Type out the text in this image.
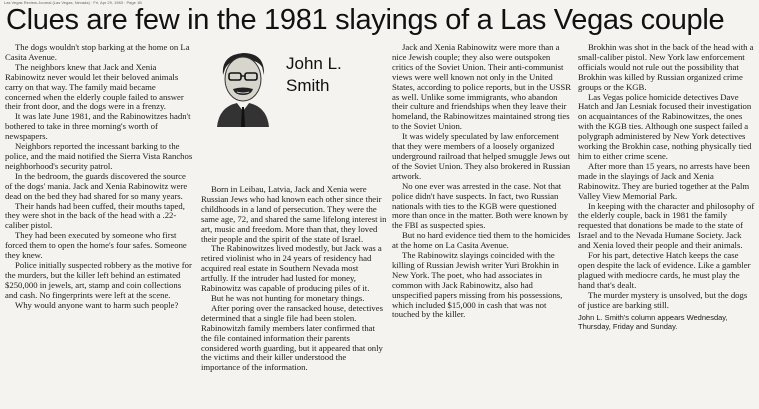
Las Vegas Review-Journal (Las Vegas, Nevada) · Fri, Apr 29, 1983 · Page 1B
Clues are few in the 1981 slayings of a Las Vegas couple

The dogs wouldn't stop barking at the home on La Casita Avenue.

The neighbors knew that Jack and Xenia Rabinowitz never would let their beloved animals carry on that way. The family maid became concerned when the elderly couple failed to answer their front door, and the dogs were in a frenzy.

It was late June 1981, and the Rabinowitzes hadn't bothered to take in three morning's worth of newspapers.

Neighbors reported the incessant barking to the police, and the maid notified the Sierra Vista Ranchos neighborhood's security patrol.

In the bedroom, the guards discovered the source of the dogs' mania. Jack and Xenia Rabinowitz were dead on the bed they had shared for so many years.

Their hands had been cuffed, their mouths taped, they were shot in the back of the head with a .22-caliber pistol.

They had been executed by someone who first forced them to open the home's four safes. Someone they knew.

Police initially suspected robbery as the motive for the murders, but the killer left behind an estimated $250,000 in jewels, art, stamp and coin collections and cash. No fingerprints were left at the scene.

Why would anyone want to harm such people?

John L.
Smith

Born in Leibau, Latvia, Jack and Xenia were Russian Jews who had known each other since their childhoods in a land of persecution. They were the same age, 72, and shared the same lifelong interest in art, music and freedom. More than that, they loved their people and the spirit of the state of Israel.

The Rabinowitzes lived modestly, but Jack was a retired violinist who in 24 years of residency had acquired real estate in Southern Nevada most artfully. If the intruder had lusted for money, Rabinowitz was capable of producing piles of it.

But he was not hunting for monetary things.

After poring over the ransacked house, detectives determined that a single file had been stolen. Rabinowitzh family members later confirmed that the file contained information their parents considered worth guarding, but it appeared that only the victims and their killer understood the importance of the information.

Jack and Xenia Rabinowitz were more than a nice Jewish couple; they also were outspoken critics of the Soviet Union. Their anti-communist views were well known not only in the United States, according to police reports, but in the USSR as well. Unlike some immigrants, who abandon their culture and friendships when they leave their homeland, the Rabinowitzes maintained strong ties to the Soviet Union.

It was widely speculated by law enforcement that they were members of a loosely organized underground railroad that helped smuggle Jews out of the Soviet Union. They also brokered in Russian artwork.

No one ever was arrested in the case. Not that police didn't have suspects. In fact, two Russian nationals with ties to the KGB were questioned more than once in the matter. Both were known by the FBI as suspected spies.

But no hard evidence tied them to the homicides at the home on La Casita Avenue.

The Rabinowitz slayings coincided with the killing of Russian Jewish writer Yuri Brokhin in New York. The poet, who had associates in common with Jack Rabinowitz, also had unspecified papers missing from his possessions, which included $15,000 in cash that was not touched by the killer.

Brokhin was shot in the back of the head with a small-caliber pistol. New York law enforcement officials would not rule out the possibility that Brokhin was killed by Russian organized crime groups or the KGB.

Las Vegas police homicide detectives Dave Hatch and Jan Lesniak focused their investigation on acquaintances of the Rabinowitzes, the ones with the KGB ties. Although one suspect failed a polygraph administered by New York detectives working the Brokhin case, nothing physically tied him to either crime scene.

After more than 15 years, no arrests have been made in the slayings of Jack and Xenia Rabinowitz. They are buried together at the Palm Valley View Memorial Park.

In keeping with the character and philosophy of the elderly couple, back in 1981 the family requested that donations be made to the state of Israel and to the Nevada Humane Society. Jack and Xenia loved their people and their animals.

For his part, detective Hatch keeps the case open despite the lack of evidence. Like a gambler plagued with mediocre cards, he must play the hand that's dealt.

The murder mystery is unsolved, but the dogs of justice are barking still.

John L. Smith's column appears Wednesday, Thursday, Friday and Sunday.
